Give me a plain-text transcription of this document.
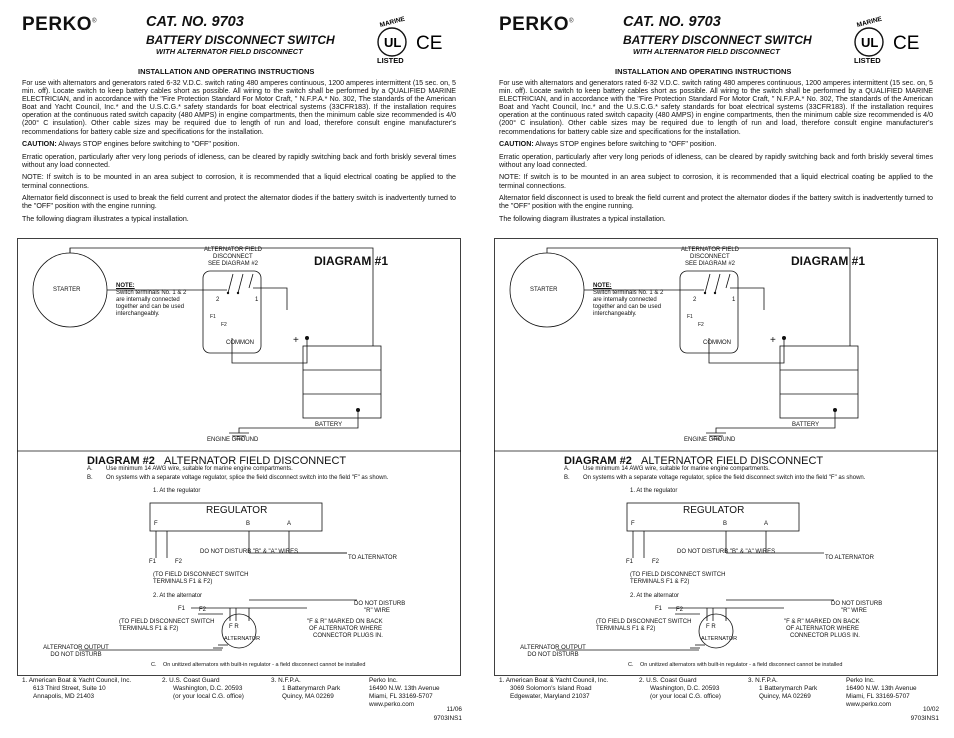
PERKO®	CAT. NO. 9703
BATTERY DISCONNECT SWITCH
WITH ALTERNATOR FIELD DISCONNECT
MARINE
UL
LISTED
CE
INSTALLATION AND OPERATING INSTRUCTIONS

For use with alternators and generators rated 6-32 V.D.C. switch rating 480 amperes continuous, 1200 amperes intermittent (15 sec. on, 5 min. off). Locate switch to keep battery cables short as possible. All wiring to the switch shall be performed by a QUALIFIED MARINE ELECTRICIAN, and in accordance with the "Fire Protection Standard For Motor Craft, " N.F.P.A.* No. 302, The standards of the American Boat and Yacht Council, Inc.* and the U.S.C.G.* safety standards for boat electrical systems (33CFR183). If the installation requires operation at the continuous rated switch capacity (480 AMPS) in engine compartments, then the minimum cable size recommended is 4/0 (200° C insulation). Other cable sizes may be required due to length of run and load, therefore consult engine manufacturer's recommendations for battery cable size and specifications for the installation.

CAUTION: Always STOP engines before switching to "OFF" position.

Erratic operation, particularly after very long periods of idleness, can be cleared by rapidly switching back and forth briskly several times without any load connected.

NOTE: If switch is to be mounted in an area subject to corrosion, it is recommended that a liquid electrical coating be applied to the terminal connections.

Alternator field disconnect is used to break the field current and protect the alternator diodes if the battery switch is inadvertently turned to the "OFF" position with the engine running.

The following diagram illustrates a typical installation.

DIAGRAM #1
STARTER
NOTE:
Switch terminals No. 1 & 2
are internally connected
together and can be used
interchangeably.
ALTERNATOR FIELD
DISCONNECT
SEE DIAGRAM #2
2	1
F1
F2
COMMON	+
BATTERY
ENGINE GROUND
DIAGRAM #2 ALTERNATOR FIELD DISCONNECT
A. Use minimum 14 AWG wire, suitable for marine engine compartments.
B. On systems with a separate voltage regulator, splice the field disconnect switch into the field "F" as shown.
1. At the regulator
REGULATOR
F	B	A
DO NOT DISTURB "B" & "A" WIRES
TO ALTERNATOR
F1	F2
(TO FIELD DISCONNECT SWITCH
TERMINALS F1 & F2)
2. At the alternator
DO NOT DISTURB
"R" WIRE
F1 F2
(TO FIELD DISCONNECT SWITCH
TERMINALS F1 & F2)	F R
ALTERNATOR
"F & R" MARKED ON BACK
OF ALTERNATOR WHERE
CONNECTOR PLUGS IN.
ALTERNATOR OUTPUT
DO NOT DISTURB
C. On unitized alternators with built-in regulator - a field disconnect cannot be installed
1. American Boat & Yacht Council, Inc.
613 Third Street, Suite 10
Annapolis, MD 21403
2. U.S. Coast Guard
Washington, D.C. 20593
(or your local C.G. office)
3. N.F.P.A.
1 Batterymarch Park
Quincy, MA 02269
Perko Inc.
16490 N.W. 13th Avenue
Miami, FL 33169-5707
www.perko.com
11/06
9703INS1
PERKO®	CAT. NO. 9703
BATTERY DISCONNECT SWITCH
WITH ALTERNATOR FIELD DISCONNECT
MARINE
UL
LISTED
CE
INSTALLATION AND OPERATING INSTRUCTIONS

For use with alternators and generators rated 6-32 V.D.C. switch rating 480 amperes continuous, 1200 amperes intermittent (15 sec. on, 5 min. off). Locate switch to keep battery cables short as possible. All wiring to the switch shall be performed by a QUALIFIED MARINE ELECTRICIAN, and in accordance with the "Fire Protection Standard For Motor Craft, " N.F.P.A.* No. 302, The standards of the American Boat and Yacht Council, Inc.* and the U.S.C.G.* safety standards for boat electrical systems (33CFR183). If the installation requires operation at the continuous rated switch capacity (480 AMPS) in engine compartments, then the minimum cable size recommended is 4/0 (200° C insulation). Other cable sizes may be required due to length of run and load, therefore consult engine manufacturer's recommendations for battery cable size and specifications for the installation.

CAUTION: Always STOP engines before switching to "OFF" position.

Erratic operation, particularly after very long periods of idleness, can be cleared by rapidly switching back and forth briskly several times without any load connected.

NOTE: If switch is to be mounted in an area subject to corrosion, it is recommended that a liquid electrical coating be applied to the terminal connections.

Alternator field disconnect is used to break the field current and protect the alternator diodes if the battery switch is inadvertently turned to the "OFF" position with the engine running.

The following diagram illustrates a typical installation.

DIAGRAM #1
STARTER
NOTE:
Switch terminals No. 1 & 2
are internally connected
together and can be used
interchangeably.
ALTERNATOR FIELD
DISCONNECT
SEE DIAGRAM #2
2	1
F1
F2
COMMON	+
BATTERY
ENGINE GROUND
DIAGRAM #2 ALTERNATOR FIELD DISCONNECT
A. Use minimum 14 AWG wire, suitable for marine engine compartments.
B. On systems with a separate voltage regulator, splice the field disconnect switch into the field "F" as shown.
1. At the regulator
REGULATOR
F	B	A
DO NOT DISTURB "B" & "A" WIRES
TO ALTERNATOR
F1	F2
(TO FIELD DISCONNECT SWITCH
TERMINALS F1 & F2)
2. At the alternator
DO NOT DISTURB
"R" WIRE
F1 F2
(TO FIELD DISCONNECT SWITCH
TERMINALS F1 & F2)	F R
ALTERNATOR
"F & R" MARKED ON BACK
OF ALTERNATOR WHERE
CONNECTOR PLUGS IN.
ALTERNATOR OUTPUT
DO NOT DISTURB
C. On unitized alternators with built-in regulator - a field disconnect cannot be installed
1. American Boat & Yacht Council, Inc.
3069 Solomon's Island Road
Edgewater, Maryland 21037
2. U.S. Coast Guard
Washington, D.C. 20593
(or your local C.G. office)
3. N.F.P.A.
1 Batterymarch Park
Quincy, MA 02269
Perko Inc.
16490 N.W. 13th Avenue
Miami, FL 33169-5707
www.perko.com
10/02
9703INS1
